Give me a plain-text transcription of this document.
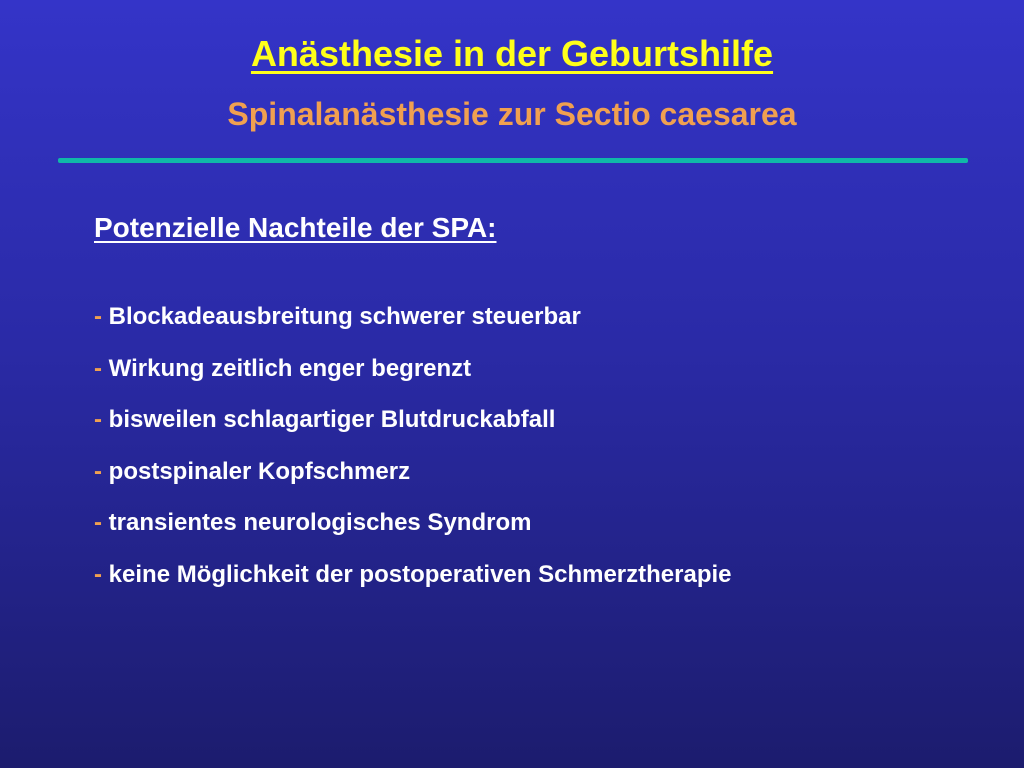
Anästhesie in der Geburtshilfe
Spinalanästhesie zur Sectio caesarea
Potenzielle Nachteile der SPA:
- Blockadeausbreitung schwerer steuerbar
- Wirkung zeitlich enger begrenzt
- bisweilen schlagartiger Blutdruckabfall
- postspinaler Kopfschmerz
- transientes neurologisches Syndrom
- keine Möglichkeit der postoperativen Schmerztherapie
